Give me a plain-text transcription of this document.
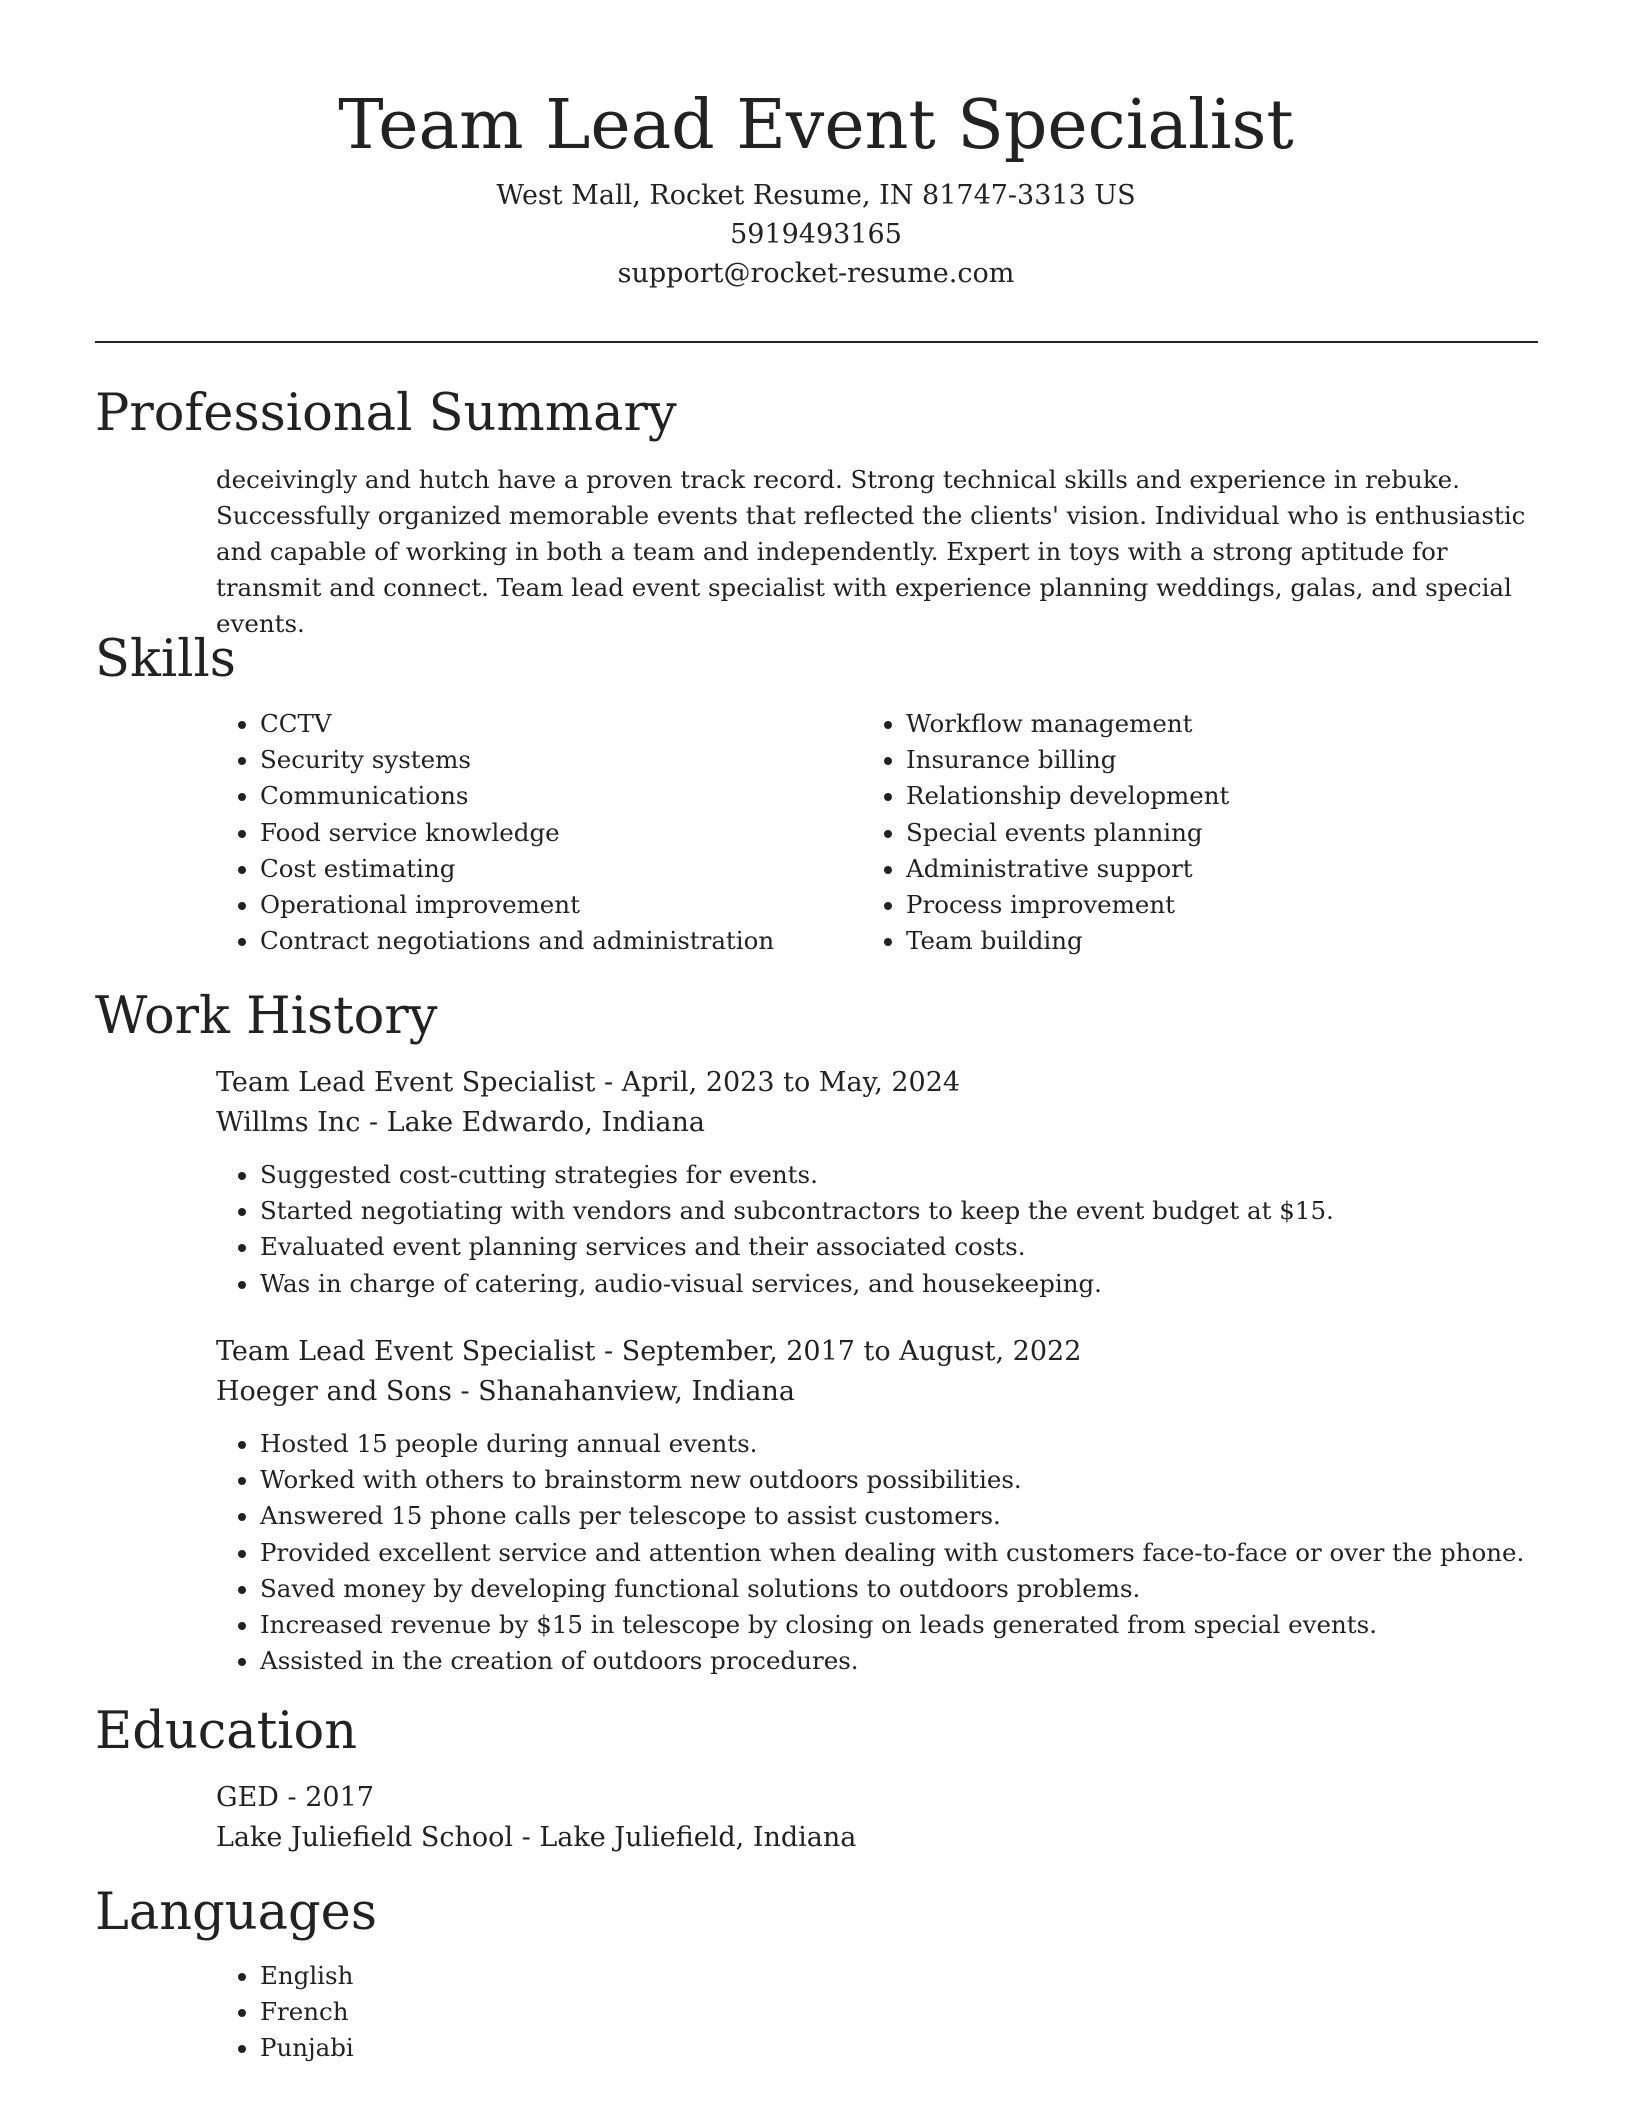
Team Lead Event Specialist
West Mall, Rocket Resume, IN 81747-3313 US
5919493165
support@rocket-resume.com
Professional Summary
deceivingly and hutch have a proven track record. Strong technical skills and experience in rebuke. Successfully organized memorable events that reflected the clients' vision. Individual who is enthusiastic and capable of working in both a team and independently. Expert in toys with a strong aptitude for transmit and connect. Team lead event specialist with experience planning weddings, galas, and special events.
Skills
• CCTV
• Security systems
• Communications
• Food service knowledge
• Cost estimating
• Operational improvement
• Contract negotiations and administration
• Workflow management
• Insurance billing
• Relationship development
• Special events planning
• Administrative support
• Process improvement
• Team building
Work History
Team Lead Event Specialist - April, 2023 to May, 2024
Willms Inc - Lake Edwardo, Indiana
• Suggested cost-cutting strategies for events.
• Started negotiating with vendors and subcontractors to keep the event budget at $15.
• Evaluated event planning services and their associated costs.
• Was in charge of catering, audio-visual services, and housekeeping.
Team Lead Event Specialist - September, 2017 to August, 2022
Hoeger and Sons - Shanahanview, Indiana
• Hosted 15 people during annual events.
• Worked with others to brainstorm new outdoors possibilities.
• Answered 15 phone calls per telescope to assist customers.
• Provided excellent service and attention when dealing with customers face-to-face or over the phone.
• Saved money by developing functional solutions to outdoors problems.
• Increased revenue by $15 in telescope by closing on leads generated from special events.
• Assisted in the creation of outdoors procedures.
Education
GED - 2017
Lake Juliefield School - Lake Juliefield, Indiana
Languages
• English
• French
• Punjabi
